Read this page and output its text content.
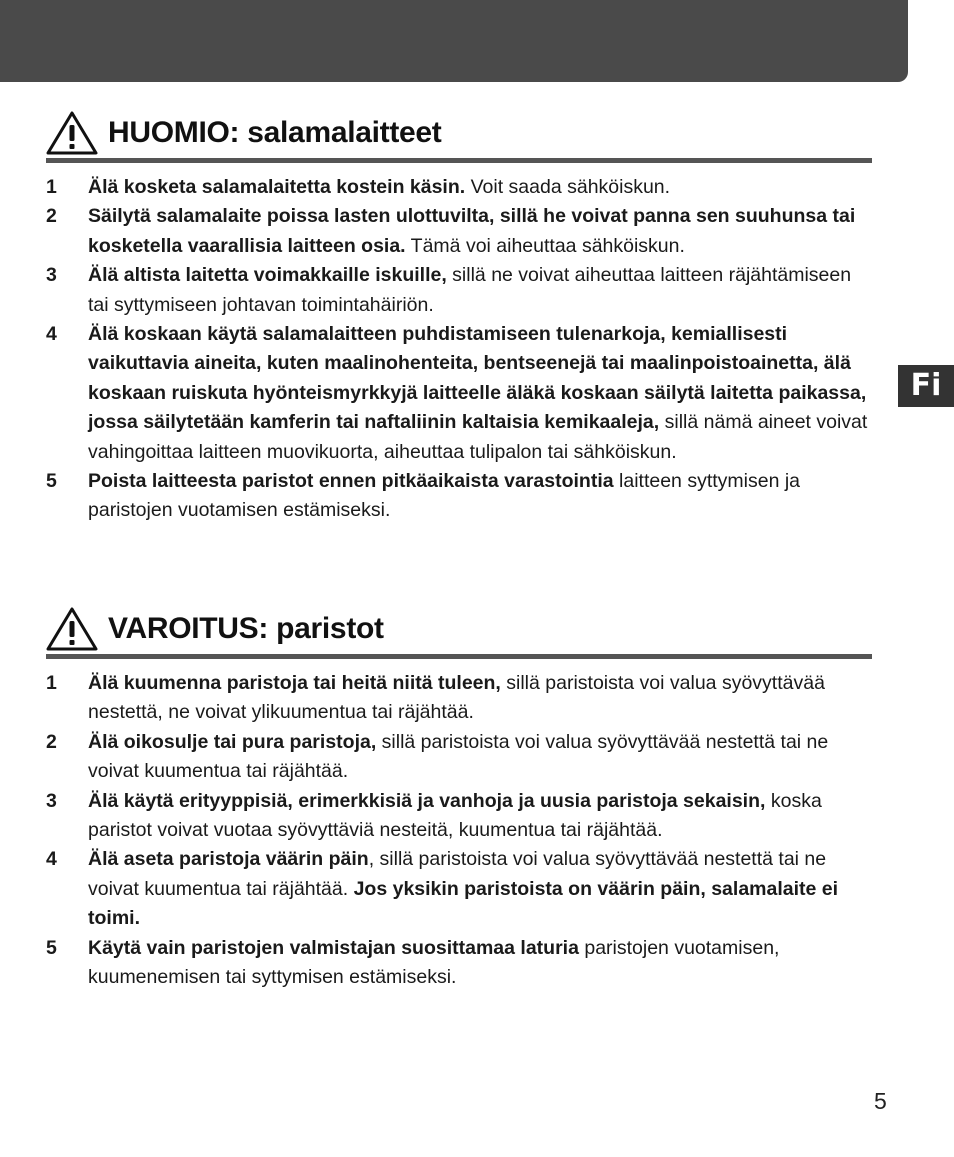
Fi
HUOMIO: salamalaitteet
1 Älä kosketa salamalaitetta kostein käsin. Voit saada sähköiskun.
2 Säilytä salamalaite poissa lasten ulottuvilta, sillä he voivat panna sen suuhunsa tai kosketella vaarallisia laitteen osia. Tämä voi aiheuttaa sähköiskun.
3 Älä altista laitetta voimakkaille iskuille, sillä ne voivat aiheuttaa laitteen räjähtämiseen tai syttymiseen johtavan toimintahäiriön.
4 Älä koskaan käytä salamalaitteen puhdistamiseen tulenarkoja, kemiallisesti vaikuttavia aineita, kuten maalinohenteita, bentseenejä tai maalinpoistoainetta, älä koskaan ruiskuta hyönteismyrkkyjä laitteelle äläkä koskaan säilytä laitetta paikassa, jossa säilytetään kamferin tai naftaliinin kaltaisia kemikaaleja, sillä nämä aineet voivat vahingoittaa laitteen muovikuorta, aiheuttaa tulipalon tai sähköiskun.
5 Poista laitteesta paristot ennen pitkäaikaista varastointia laitteen syttymisen ja paristojen vuotamisen estämiseksi.
VAROITUS: paristot
1 Älä kuumenna paristoja tai heitä niitä tuleen, sillä paristoista voi valua syövyttävää nestettä, ne voivat ylikuumentua tai räjähtää.
2 Älä oikosulje tai pura paristoja, sillä paristoista voi valua syövyttävää nestettä tai ne voivat kuumentua tai räjähtää.
3 Älä käytä erityyppisiä, erimerkkisiä ja vanhoja ja uusia paristoja sekaisin, koska paristot voivat vuotaa syövyttäviä nesteitä, kuumentua tai räjähtää.
4 Älä aseta paristoja väärin päin, sillä paristoista voi valua syövyttävää nestettä tai ne voivat kuumentua tai räjähtää. Jos yksikin paristoista on väärin päin, salamalaite ei toimi.
5 Käytä vain paristojen valmistajan suosittamaa laturia paristojen vuotamisen, kuumenemisen tai syttymisen estämiseksi.
5
